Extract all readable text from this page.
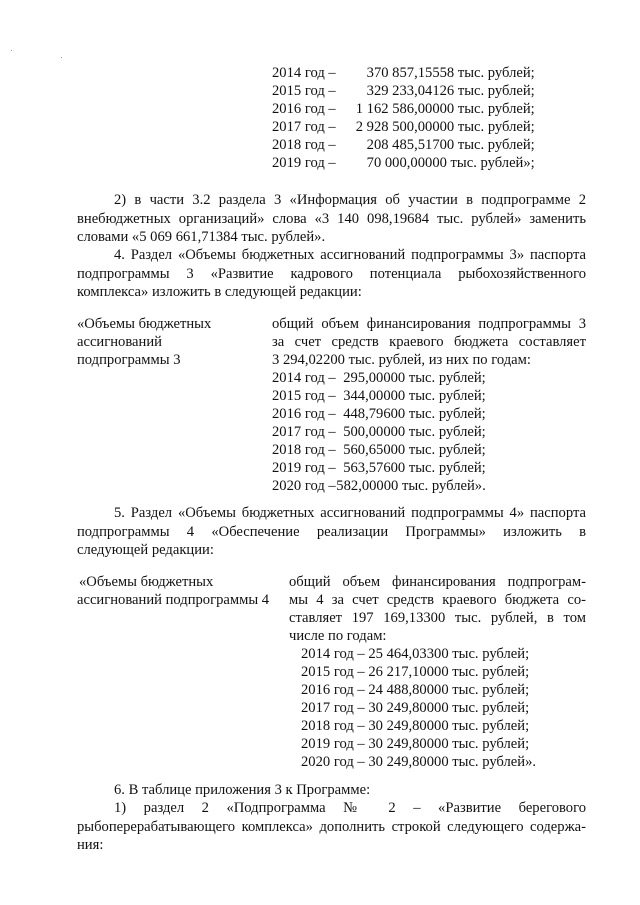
2014 год – 370 857,15558 тыс. рублей;
2015 год – 329 233,04126 тыс. рублей;
2016 год – 1 162 586,00000 тыс. рублей;
2017 год – 2 928 500,00000 тыс. рублей;
2018 год – 208 485,51700 тыс. рублей;
2019 год – 70 000,00000 тыс. рублей»;
2) в части 3.2 раздела 3 «Информация об участии в подпрограмме 2
внебюджетных организаций» слова «3 140 098,19684 тыс. рублей» заменить
словами «5 069 661,71384 тыс. рублей».
4. Раздел «Объемы бюджетных ассигнований подпрограммы 3» паспорта
подпрограммы 3 «Развитие кадрового потенциала рыбохозяйственного
комплекса» изложить в следующей редакции:
«Объемы бюджетных
ассигнований
подпрограммы 3
общий объем финансирования подпрограммы 3
за счет средств краевого бюджета составляет
3 294,02200 тыс. рублей, из них по годам:
2014 год – 295,00000 тыс. рублей;
2015 год – 344,00000 тыс. рублей;
2016 год – 448,79600 тыс. рублей;
2017 год – 500,00000 тыс. рублей;
2018 год – 560,65000 тыс. рублей;
2019 год – 563,57600 тыс. рублей;
2020 год –582,00000 тыс. рублей».
5. Раздел «Объемы бюджетных ассигнований подпрограммы 4» паспорта
подпрограммы 4 «Обеспечение реализации Программы» изложить в
следующей редакции:
«Объемы бюджетных
ассигнований подпрограммы 4
общий объем финансирования подпрограм-
мы 4 за счет средств краевого бюджета со-
ставляет 197 169,13300 тыс. рублей, в том
числе по годам:
2014 год – 25 464,03300 тыс. рублей;
2015 год – 26 217,10000 тыс. рублей;
2016 год – 24 488,80000 тыс. рублей;
2017 год – 30 249,80000 тыс. рублей;
2018 год – 30 249,80000 тыс. рублей;
2019 год – 30 249,80000 тыс. рублей;
2020 год – 30 249,80000 тыс. рублей».
6. В таблице приложения 3 к Программе:
1) раздел 2 «Подпрограмма № 2 – «Развитие берегового
рыбоперерабатывающего комплекса» дополнить строкой следующего содержа-
ния:
